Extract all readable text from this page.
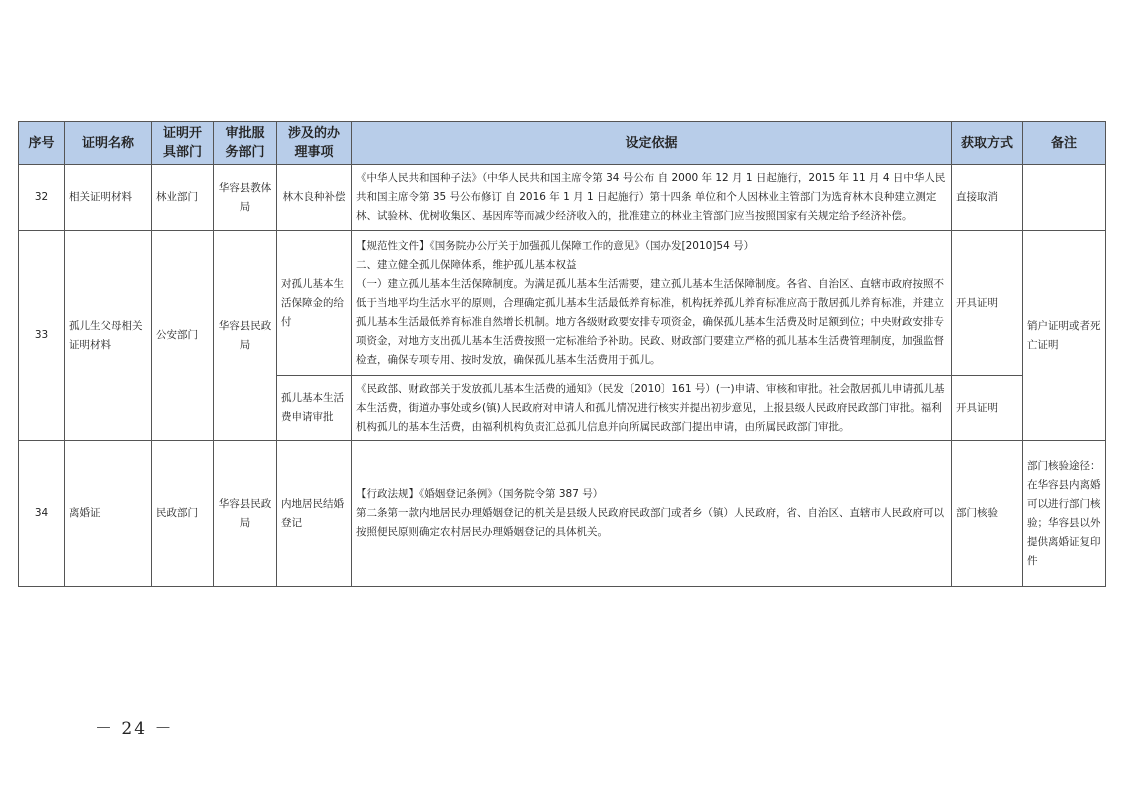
序号	证明名称	证明开具部门	审批服务部门	涉及的办理事项	设定依据	获取方式	备注
32	相关证明材料	林业部门	华容县教体局	林木良种补偿	《中华人民共和国种子法》（中华人民共和国主席令第 34 号公布 自 2000 年 12 月 1 日起施行，2015 年 11 月 4 日中华人民共和国主席令第 35 号公布修订 自 2016 年 1 月 1 日起施行）第十四条 单位和个人因林业主管部门为选育林木良种建立测定林、试验林、优树收集区、基因库等而减少经济收入的，批准建立的林业主管部门应当按照国家有关规定给予经济补偿。	直接取消	
33	孤儿生父母相关证明材料	公安部门	华容县民政局	对孤儿基本生活保障金的给付	【规范性文件】《国务院办公厅关于加强孤儿保障工作的意见》（国办发[2010]54 号）
二、建立健全孤儿保障体系，维护孤儿基本权益
（一）建立孤儿基本生活保障制度。为满足孤儿基本生活需要，建立孤儿基本生活保障制度。各省、自治区、直辖市政府按照不低于当地平均生活水平的原则，合理确定孤儿基本生活最低养育标准，机构抚养孤儿养育标准应高于散居孤儿养育标准，并建立孤儿基本生活最低养育标准自然增长机制。地方各级财政要安排专项资金，确保孤儿基本生活费及时足额到位；中央财政安排专项资金，对地方支出孤儿基本生活费按照一定标准给予补助。民政、财政部门要建立严格的孤儿基本生活费管理制度，加强监督检查，确保专项专用、按时发放，确保孤儿基本生活费用于孤儿。	开具证明	销户证明或者死亡证明
				孤儿基本生活费申请审批	《民政部、财政部关于发放孤儿基本生活费的通知》（民发〔2010〕161 号）(一)申请、审核和审批。社会散居孤儿申请孤儿基本生活费，街道办事处或乡(镇)人民政府对申请人和孤儿情况进行核实并提出初步意见，上报县级人民政府民政部门审批。福利机构孤儿的基本生活费，由福利机构负责汇总孤儿信息并向所属民政部门提出申请，由所属民政部门审批。	开具证明	
34	离婚证	民政部门	华容县民政局	内地居民结婚登记	【行政法规】《婚姻登记条例》（国务院令第 387 号）
第二条第一款内地居民办理婚姻登记的机关是县级人民政府民政部门或者乡（镇）人民政府，省、自治区、直辖市人民政府可以按照便民原则确定农村居民办理婚姻登记的具体机关。	部门核验	部门核验途径：在华容县内离婚可以进行部门核验；华容县以外提供离婚证复印件
－ 24 －
